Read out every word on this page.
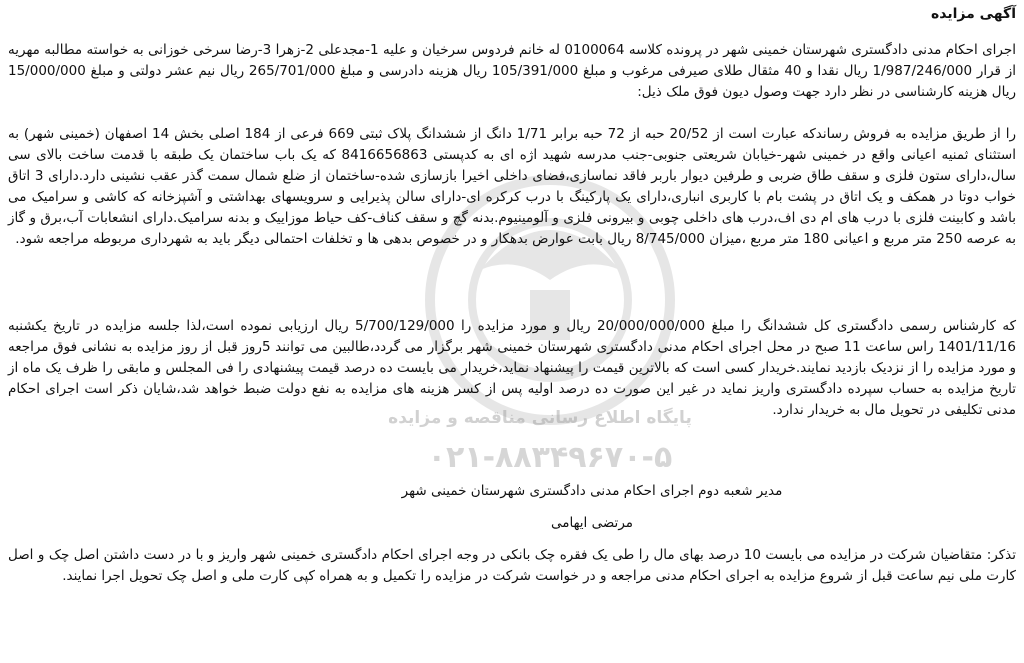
پایگاه اطلاع رسانی مناقصه و مزایده
۰۲۱-۸۸۳۴۹۶۷۰-۵
آگهی مزایده

اجرای احکام مدنی دادگستری شهرستان خمینی شهر در پرونده کلاسه 0100064 له خانم فردوس سرخیان و علیه 1-مجدعلی 2-زهرا 3-رضا سرخی خوزانی به خواسته مطالبه مهریه از قرار 1/987/246/000 ریال نقدا و 40 مثقال طلای صیرفی مرغوب و مبلغ 105/391/000 ریال هزینه دادرسی و مبلغ 265/701/000 ریال نیم عشر دولتی و مبلغ 15/000/000 ریال هزینه کارشناسی در نظر دارد جهت وصول دیون فوق ملک ذیل:

را از طریق مزایده به فروش رساندکه عبارت است از 20/52 حبه از 72 حبه برابر 1/71 دانگ از ششدانگ پلاک ثبتی 669 فرعی از 184 اصلی بخش 14 اصفهان (خمینی شهر) به استثنای ثمنیه اعیانی واقع در خمینی شهر-خیابان شریعتی جنوبی-جنب مدرسه شهید اژه ای به کدپستی 8416656863 که یک باب ساختمان یک طبقه با قدمت ساخت بالای سی سال،دارای ستون فلزی و سقف طاق ضربی و طرفین دیوار باربر فاقد نماسازی،فضای داخلی اخیرا بازسازی شده-ساختمان از ضلع شمال سمت گذر عقب نشینی دارد.دارای 3 اتاق خواب دوتا در همکف و یک اتاق در پشت بام با کاربری انباری،دارای یک پارکینگ با درب کرکره ای-دارای سالن پذیرایی و سرویسهای بهداشتی و آشپزخانه که کاشی و سرامیک می باشد و کابینت فلزی با درب های ام دی اف،درب های داخلی چوبی و بیرونی فلزی و آلومینیوم.بدنه گچ و سقف کناف-کف حیاط موزاییک و بدنه سرامیک.دارای انشعابات آب،برق و گاز به عرصه 250 متر مربع و اعیانی 180 متر مربع ،میزان 8/745/000 ریال بابت عوارض بدهکار و در خصوص بدهی ها و تخلفات احتمالی دیگر باید به شهرداری مربوطه مراجعه شود.

که کارشناس رسمی دادگستری کل ششدانگ را مبلغ 20/000/000/000 ریال و مورد مزایده را 5/700/129/000 ریال ارزیابی نموده است،لذا جلسه مزایده در تاریخ یکشنبه 1401/11/16 راس ساعت 11 صبح در محل اجرای احکام مدنی دادگستری شهرستان خمینی شهر برگزار می گردد،طالبین می توانند 5روز قبل از روز مزایده به نشانی فوق مراجعه و مورد مزایده را از نزدیک بازدید نمایند.خریدار کسی است که بالاترین قیمت را پیشنهاد نماید،خریدار می بایست ده درصد قیمت پیشنهادی را فی المجلس و مابقی را ظرف یک ماه از تاریخ مزایده به حساب سپرده دادگستری واریز نماید در غیر این صورت ده درصد اولیه پس از کسر هزینه های مزایده به نفع دولت ضبط خواهد شد،شایان ذکر است اجرای احکام مدنی تکلیفی در تحویل مال به خریدار ندارد.

مدیر شعبه دوم اجرای احکام مدنی دادگستری شهرستان خمینی شهر

مرتضی ایهامی

تذکر: متقاضیان شرکت در مزایده می بایست 10 درصد بهای مال را طی یک فقره چک بانکی در وجه اجرای احکام دادگستری خمینی شهر واریز و با در دست داشتن اصل چک و اصل کارت ملی نیم ساعت قبل از شروع مزایده به اجرای احکام مدنی مراجعه و در خواست شرکت در مزایده را تکمیل و به همراه کپی کارت ملی و اصل چک تحویل اجرا نمایند.
